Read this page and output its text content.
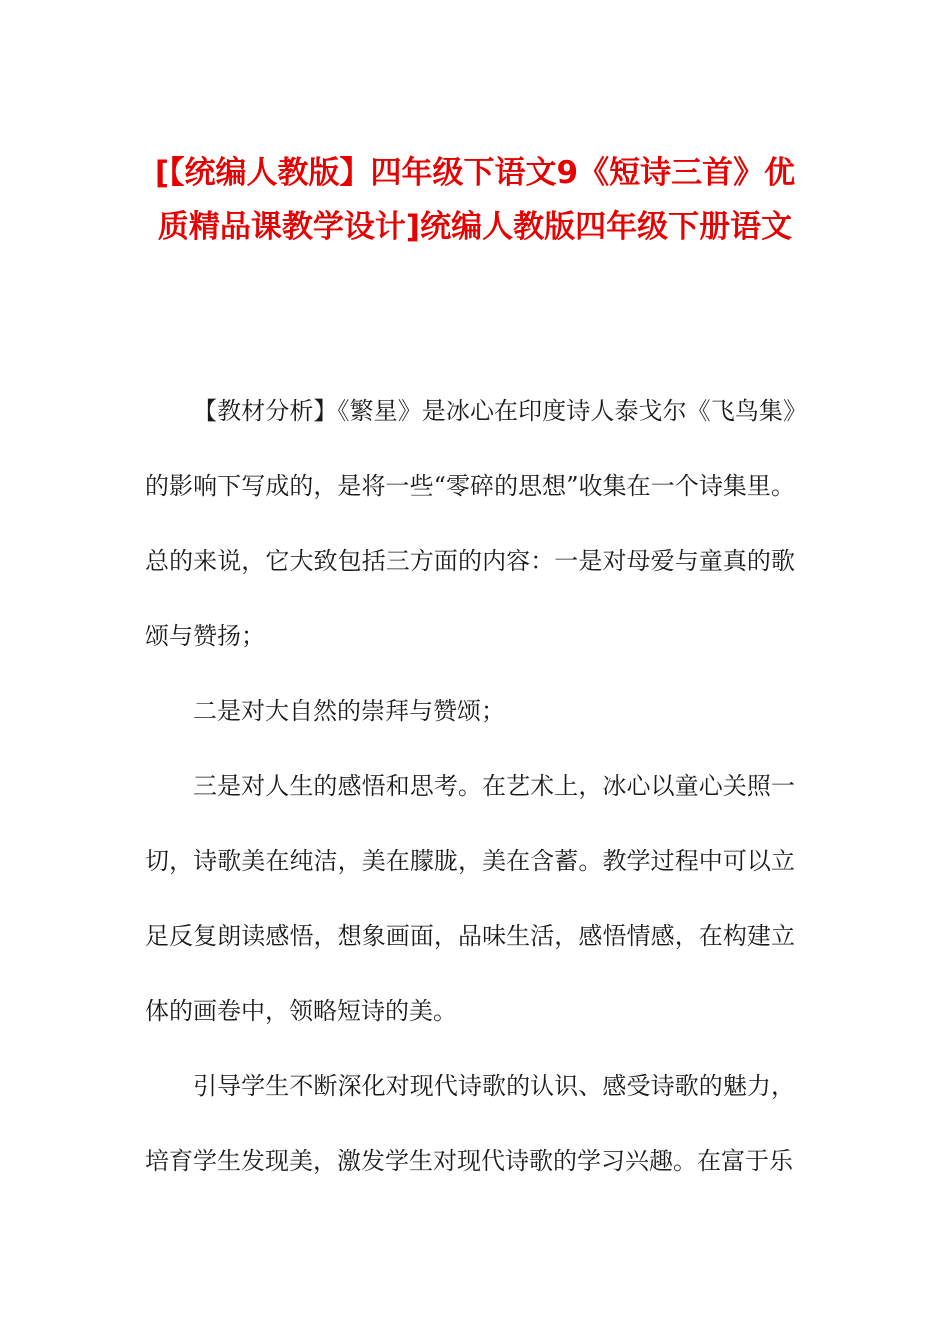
[【统编人教版】四年级下语文9《短诗三首》优质精品课教学设计]统编人教版四年级下册语文

【教材分析】《繁星》是冰心在印度诗人泰戈尔《飞鸟集》的影响下写成的，是将一些“零碎的思想”收集在一个诗集里。总的来说，它大致包括三方面的内容：一是对母爱与童真的歌颂与赞扬；

二是对大自然的崇拜与赞颂；

三是对人生的感悟和思考。在艺术上，冰心以童心关照一切，诗歌美在纯洁，美在朦胧，美在含蓄。教学过程中可以立足反复朗读感悟，想象画面，品味生活，感悟情感，在构建立体的画卷中，领略短诗的美。

引导学生不断深化对现代诗歌的认识、感受诗歌的魅力，培育学生发现美，激发学生对现代诗歌的学习兴趣。在富于乐
